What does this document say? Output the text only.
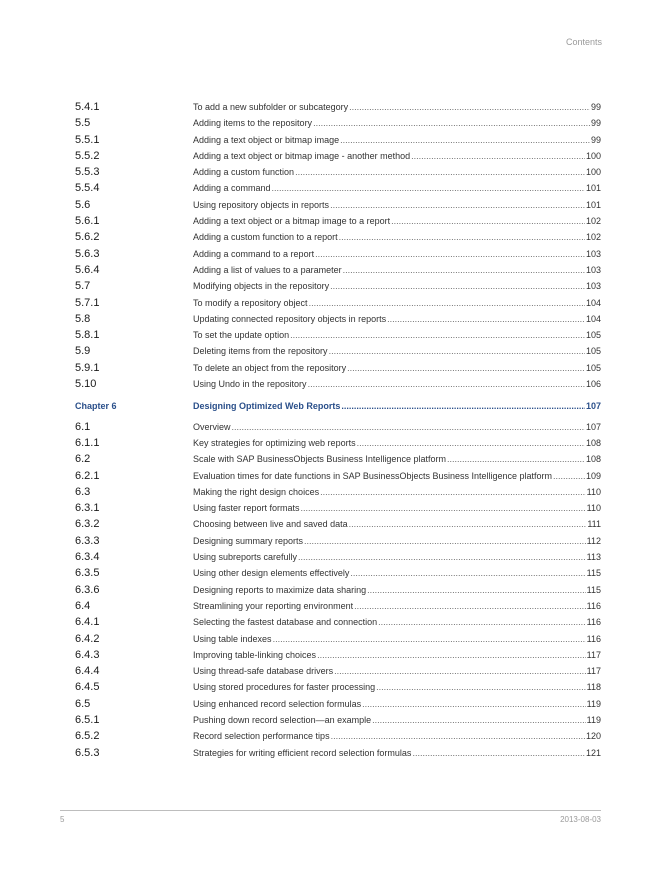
Contents
5.4.1	To add a new subfolder or subcategory .....	99
5.5	Adding items to the repository .....	99
5.5.1	Adding a text object or bitmap image .....	99
5.5.2	Adding a text object or bitmap image - another method .....	100
5.5.3	Adding a custom function .....	100
5.5.4	Adding a command .....	101
5.6	Using repository objects in reports .....	101
5.6.1	Adding a text object or a bitmap image to a report .....	102
5.6.2	Adding a custom function to a report .....	102
5.6.3	Adding a command to a report .....	103
5.6.4	Adding a list of values to a parameter .....	103
5.7	Modifying objects in the repository .....	103
5.7.1	To modify a repository object .....	104
5.8	Updating connected repository objects in reports .....	104
5.8.1	To set the update option .....	105
5.9	Deleting items from the repository .....	105
5.9.1	To delete an object from the repository .....	105
5.10	Using Undo in the repository .....	106
Chapter 6	Designing Optimized Web Reports .....	107
6.1	Overview .....	107
6.1.1	Key strategies for optimizing web reports .....	108
6.2	Scale with SAP BusinessObjects Business Intelligence platform .....	108
6.2.1	Evaluation times for date functions in SAP BusinessObjects Business Intelligence platform .....	109
6.3	Making the right design choices .....	110
6.3.1	Using faster report formats .....	110
6.3.2	Choosing between live and saved data .....	111
6.3.3	Designing summary reports .....	112
6.3.4	Using subreports carefully .....	113
6.3.5	Using other design elements effectively .....	115
6.3.6	Designing reports to maximize data sharing .....	115
6.4	Streamlining your reporting environment .....	116
6.4.1	Selecting the fastest database and connection .....	116
6.4.2	Using table indexes .....	116
6.4.3	Improving table-linking choices .....	117
6.4.4	Using thread-safe database drivers .....	117
6.4.5	Using stored procedures for faster processing .....	118
6.5	Using enhanced record selection formulas .....	119
6.5.1	Pushing down record selection—an example .....	119
6.5.2	Record selection performance tips .....	120
6.5.3	Strategies for writing efficient record selection formulas .....	121
5	2013-08-03
